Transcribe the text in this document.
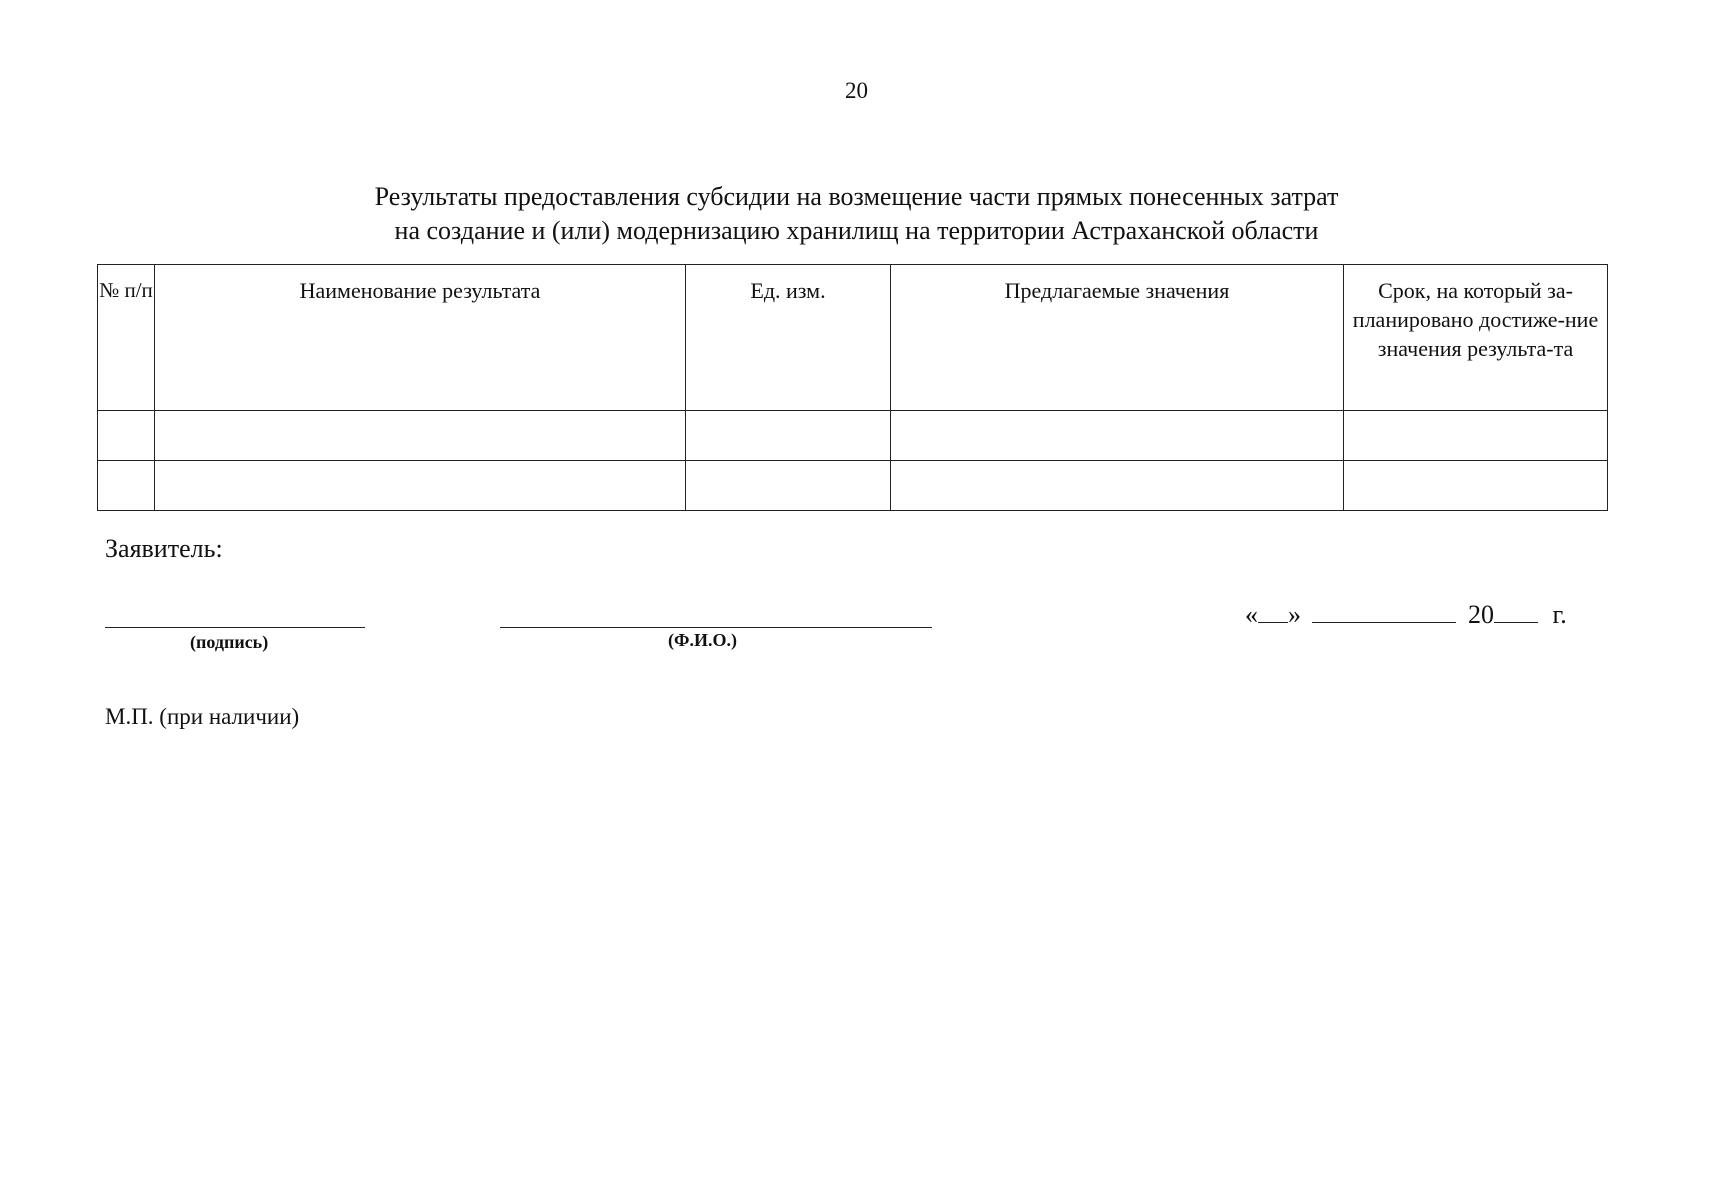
20
Результаты предоставления субсидии на возмещение части прямых понесенных затрат
на создание и (или) модернизацию хранилищ на территории Астраханской области
№ п/п	Наименование результата	Ед. изм.	Предлагаемые значения	Срок, на который за-планировано достиже-ние значения результа-та

Заявитель:
(подпись)	(Ф.И.О.)
« »	20 г.
М.П. (при наличии)
